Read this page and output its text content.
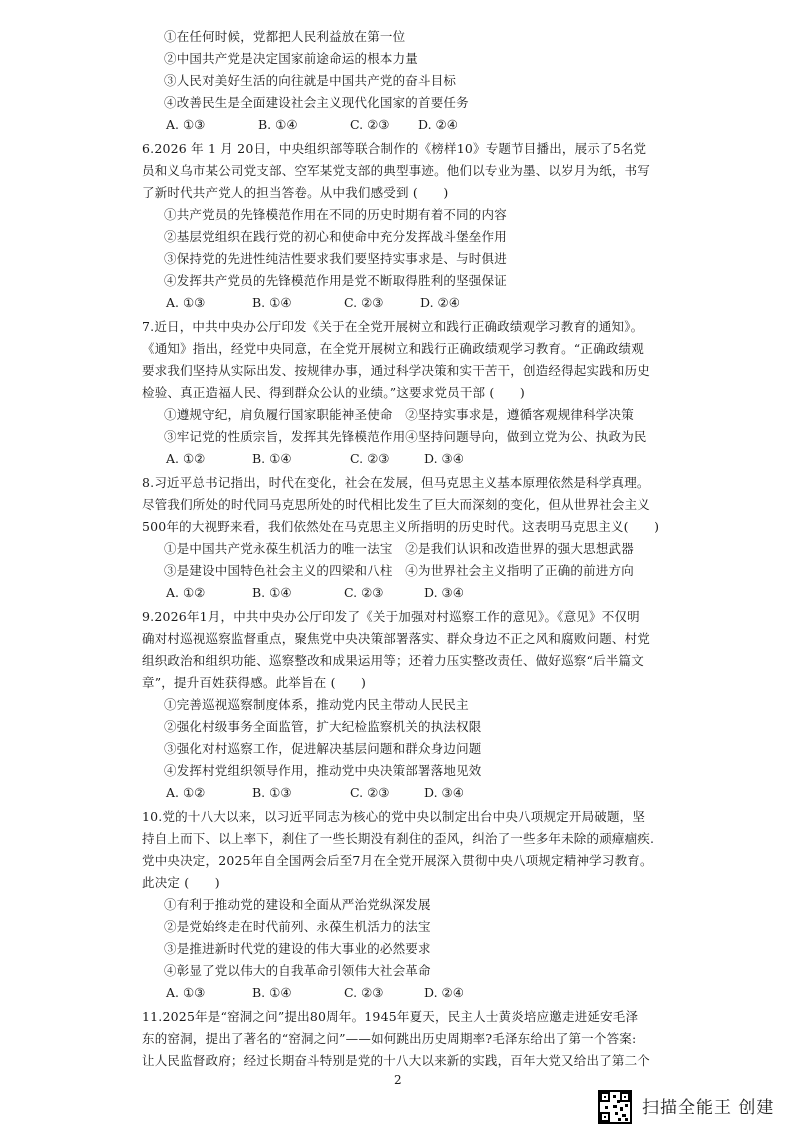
①在任何时候，党都把人民利益放在第一位
②中国共产党是决定国家前途命运的根本力量
③人民对美好生活的向往就是中国共产党的奋斗目标
④改善民生是全面建设社会主义现代化国家的首要任务
A. ①③	B. ①④	C. ②③ D. ②④
6.2026 年 1 月 20日，中央组织部等联合制作的《榜样10》专题节目播出，展示了5名党
员和义乌市某公司党支部、空军某党支部的典型事迹。他们以专业为墨、以岁月为纸，书写
了新时代共产党人的担当答卷。从中我们感受到 (　　)
①共产党员的先锋模范作用在不同的历史时期有着不同的内容
②基层党组织在践行党的初心和使命中充分发挥战斗堡垒作用
③保持党的先进性纯洁性要求我们要坚持实事求是、与时俱进
④发挥共产党员的先锋模范作用是党不断取得胜利的坚强保证
A. ①③	B. ①④	C. ②③	D. ②④
7.近日，中共中央办公厅印发《关于在全党开展树立和践行正确政绩观学习教育的通知》。
《通知》指出，经党中央同意，在全党开展树立和践行正确政绩观学习教育。“正确政绩观
要求我们坚持从实际出发、按规律办事，通过科学决策和实干苦干，创造经得起实践和历史
检验、真正造福人民、得到群众公认的业绩。”这要求党员干部 (　　)
①遵规守纪，肩负履行国家职能神圣使命　②坚持实事求是，遵循客观规律科学决策
③牢记党的性质宗旨，发挥其先锋模范作用④坚持问题导向，做到立党为公、执政为民
A. ①②	B. ①④	C. ②③	D. ③④
8.习近平总书记指出，时代在变化，社会在发展，但马克思主义基本原理依然是科学真理。
尽管我们所处的时代同马克思所处的时代相比发生了巨大而深刻的变化，但从世界社会主义
500年的大视野来看，我们依然处在马克思主义所指明的历史时代。这表明马克思主义(　　)
①是中国共产党永葆生机活力的唯一法宝　②是我们认识和改造世界的强大思想武器
③是建设中国特色社会主义的四梁和八柱　④为世界社会主义指明了正确的前进方向
A. ①②	B. ①④	C. ②③	D. ③④
9.2026年1月，中共中央办公厅印发了《关于加强对村巡察工作的意见》。《意见》不仅明
确对村巡视巡察监督重点，聚焦党中央决策部署落实、群众身边不正之风和腐败问题、村党
组织政治和组织功能、巡察整改和成果运用等；还着力压实整改责任、做好巡察“后半篇文
章”，提升百姓获得感。此举旨在 (　　)
①完善巡视巡察制度体系，推动党内民主带动人民民主
②强化村级事务全面监管，扩大纪检监察机关的执法权限
③强化对村巡察工作，促进解决基层问题和群众身边问题
④发挥村党组织领导作用，推动党中央决策部署落地见效
A. ①②	B. ①③	C. ②③	D. ③④
10.党的十八大以来，以习近平同志为核心的党中央以制定出台中央八项规定开局破题，坚
持自上而下、以上率下，刹住了一些长期没有刹住的歪风，纠治了一些多年未除的顽瘴痼疾.
党中央决定，2025年自全国两会后至7月在全党开展深入贯彻中央八项规定精神学习教育。
此决定 (　　)
①有利于推动党的建设和全面从严治党纵深发展
②是党始终走在时代前列、永葆生机活力的法宝
③是推进新时代党的建设的伟大事业的必然要求
④彰显了党以伟大的自我革命引领伟大社会革命
A. ①③	B. ①④	C. ②③	D. ②④
11.2025年是“窑洞之问”提出80周年。1945年夏天，民主人士黄炎培应邀走进延安毛泽
东的窑洞，提出了著名的“窑洞之问”——如何跳出历史周期率?毛泽东给出了第一个答案:
让人民监督政府；经过长期奋斗特别是党的十八大以来新的实践，百年大党又给出了第二个
2
扫描全能王 创建
